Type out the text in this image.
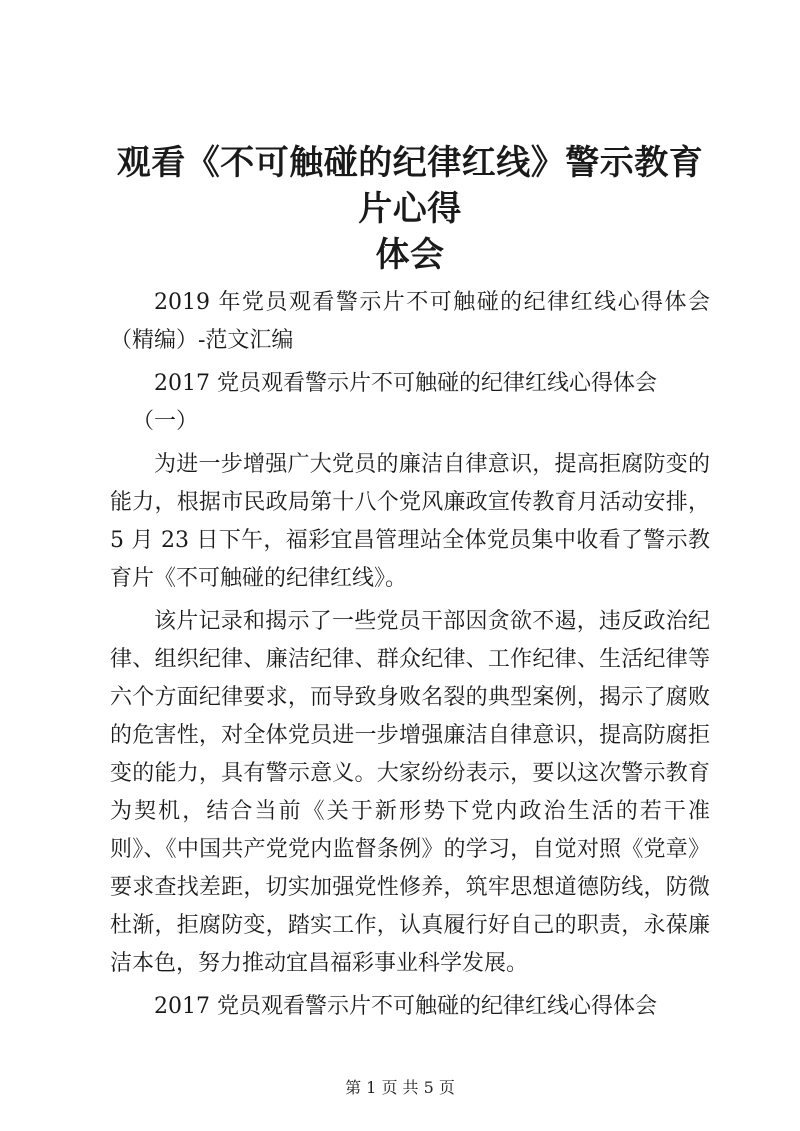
观看《不可触碰的纪律红线》警示教育片心得
体会

2019 年党员观看警示片不可触碰的纪律红线心得体会（精编）-范文汇编

2017 党员观看警示片不可触碰的纪律红线心得体会

（一）

为进一步增强广大党员的廉洁自律意识，提高拒腐防变的能力，根据市民政局第十八个党风廉政宣传教育月活动安排，5 月 23 日下午，福彩宜昌管理站全体党员集中收看了警示教育片《不可触碰的纪律红线》。

该片记录和揭示了一些党员干部因贪欲不遏，违反政治纪律、组织纪律、廉洁纪律、群众纪律、工作纪律、生活纪律等六个方面纪律要求，而导致身败名裂的典型案例，揭示了腐败的危害性，对全体党员进一步增强廉洁自律意识，提高防腐拒变的能力，具有警示意义。大家纷纷表示，要以这次警示教育为契机，结合当前《关于新形势下党内政治生活的若干准则》、《中国共产党党内监督条例》的学习，自觉对照《党章》要求查找差距，切实加强党性修养，筑牢思想道德防线，防微杜渐，拒腐防变，踏实工作，认真履行好自己的职责，永葆廉洁本色，努力推动宜昌福彩事业科学发展。

2017 党员观看警示片不可触碰的纪律红线心得体会

第 1 页 共 5 页
